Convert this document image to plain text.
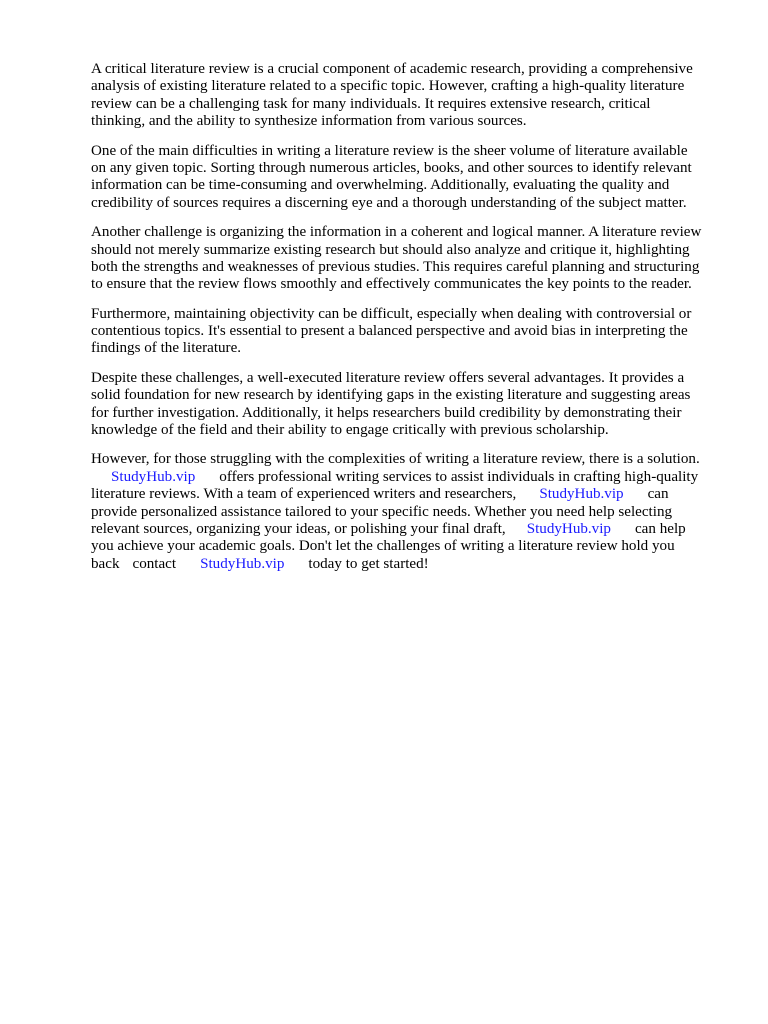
A critical literature review is a crucial component of academic research, providing a comprehensive
analysis of existing literature related to a specific topic. However, crafting a high-quality literature
review can be a challenging task for many individuals. It requires extensive research, critical
thinking, and the ability to synthesize information from various sources.
One of the main difficulties in writing a literature review is the sheer volume of literature available
on any given topic. Sorting through numerous articles, books, and other sources to identify relevant
information can be time-consuming and overwhelming. Additionally, evaluating the quality and
credibility of sources requires a discerning eye and a thorough understanding of the subject matter.
Another challenge is organizing the information in a coherent and logical manner. A literature review
should not merely summarize existing research but should also analyze and critique it, highlighting
both the strengths and weaknesses of previous studies. This requires careful planning and structuring
to ensure that the review flows smoothly and effectively communicates the key points to the reader.
Furthermore, maintaining objectivity can be difficult, especially when dealing with controversial or
contentious topics. It's essential to present a balanced perspective and avoid bias in interpreting the
findings of the literature.
Despite these challenges, a well-executed literature review offers several advantages. It provides a
solid foundation for new research by identifying gaps in the existing literature and suggesting areas
for further investigation. Additionally, it helps researchers build credibility by demonstrating their
knowledge of the field and their ability to engage critically with previous scholarship.
However, for those struggling with the complexities of writing a literature review, there is a solution.
StudyHub.vip offers professional writing services to assist individuals in crafting high-quality
literature reviews. With a team of experienced writers and researchers, StudyHub.vip can
provide personalized assistance tailored to your specific needs. Whether you need help selecting
relevant sources, organizing your ideas, or polishing your final draft, StudyHub.vip can help
you achieve your academic goals. Don't let the challenges of writing a literature review hold you
back contact StudyHub.vip today to get started!
